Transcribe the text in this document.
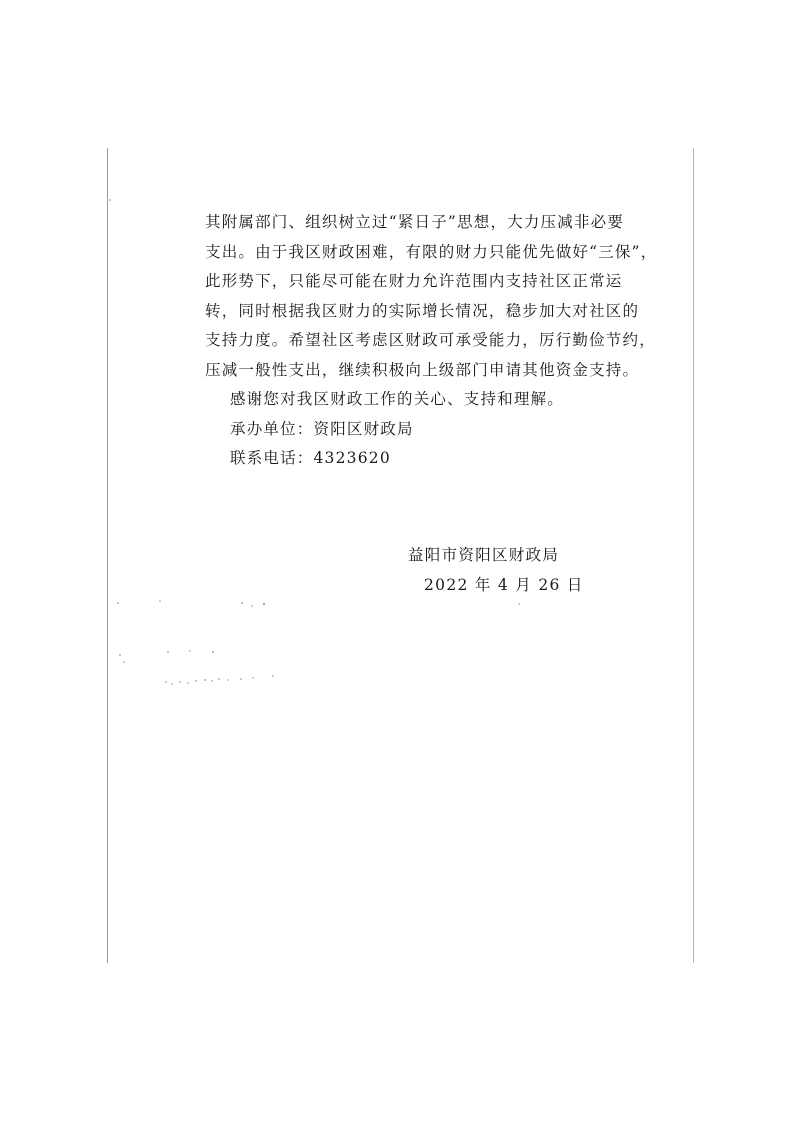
其附属部门、组织树立过“紧日子”思想，大力压减非必要
支出。由于我区财政困难，有限的财力只能优先做好“三保”，
此形势下，只能尽可能在财力允许范围内支持社区正常运
转，同时根据我区财力的实际增长情况，稳步加大对社区的
支持力度。希望社区考虑区财政可承受能力，厉行勤俭节约，
压减一般性支出，继续积极向上级部门申请其他资金支持。
感谢您对我区财政工作的关心、支持和理解。
承办单位：资阳区财政局
联系电话：4323620
益阳市资阳区财政局
2022 年 4 月 26 日
